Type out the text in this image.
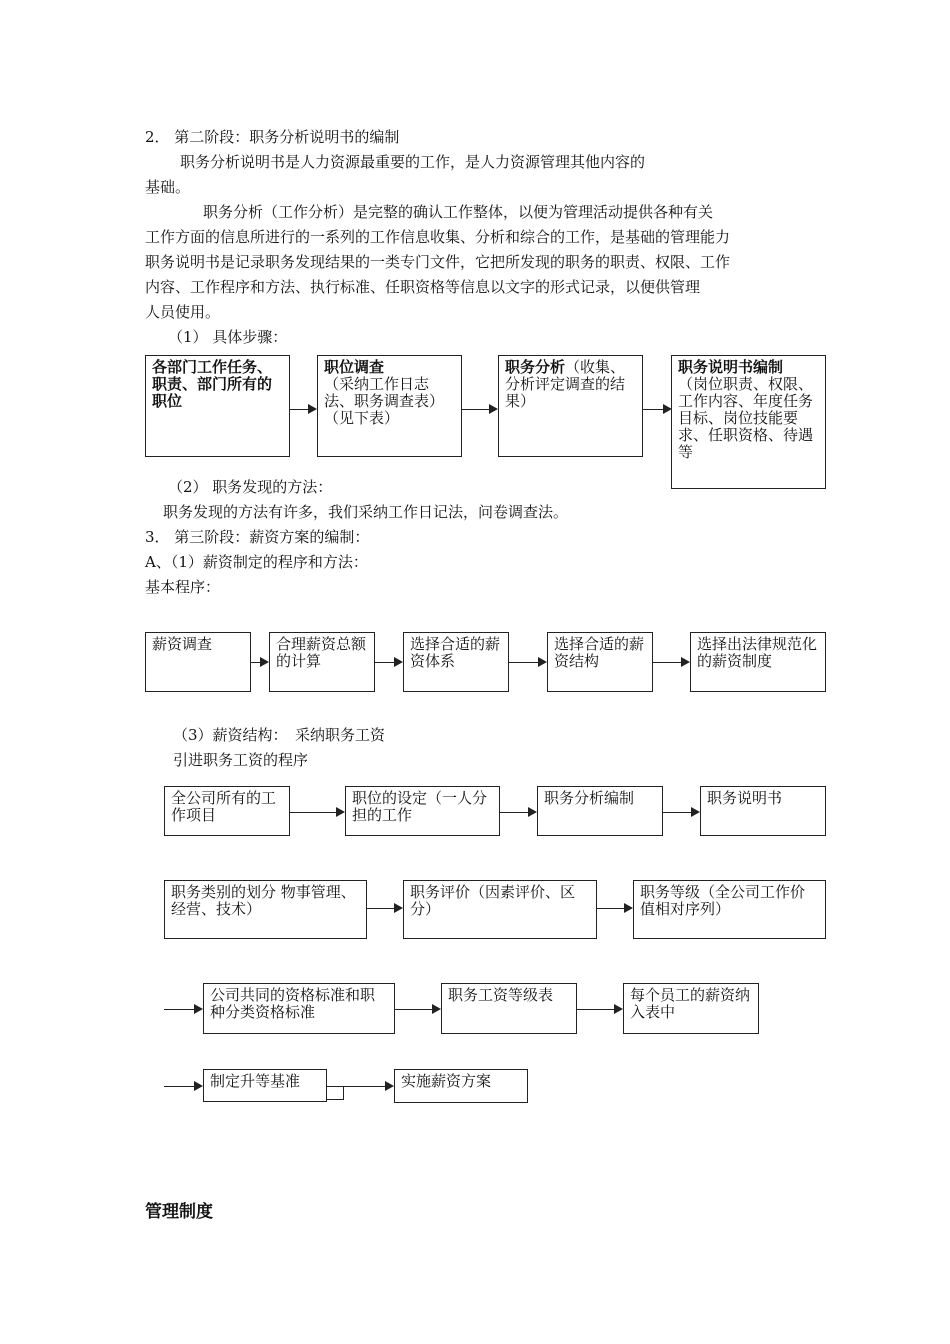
2． 第二阶段：职务分析说明书的编制
职务分析说明书是人力资源最重要的工作，是人力资源管理其他内容的
基础。
职务分析（工作分析）是完整的确认工作整体，以便为管理活动提供各种有关
工作方面的信息所进行的一系列的工作信息收集、分析和综合的工作，是基础的管理能力
职务说明书是记录职务发现结果的一类专门文件，它把所发现的职务的职责、权限、工作
内容、工作程序和方法、执行标准、任职资格等信息以文字的形式记录，以便供管理
人员使用。
（1） 具体步骤：
各部门工作任务、职责、部门所有的职位
职位调查
（采纳工作日志法、职务调查表）（见下表）
职务分析（收集、分析评定调查的结果）
职务说明书编制
（岗位职责、权限、工作内容、年度任务目标、岗位技能要求、任职资格、待遇等
（2） 职务发现的方法：
职务发现的方法有许多，我们采纳工作日记法，问卷调查法。
3． 第三阶段：薪资方案的编制：
A、（1）薪资制定的程序和方法：
基本程序：
薪资调查	合理薪资总额的计算
选择合适的薪资体系
选择合适的薪资结构
选择出法律规范化的薪资制度
（3）薪资结构： 采纳职务工资
引进职务工资的程序
全公司所有的工作项目
职位的设定（一人分担的工作
职务分析编制	职务说明书
职务类别的划分 物事管理、经营、技术）
职务评价（因素评价、区分）
职务等级（全公司工作价值相对序列）
公司共同的资格标准和职种分类资格标准
职务工资等级表	每个员工的薪资纳入表中
制定升等基准	实施薪资方案
管理制度
